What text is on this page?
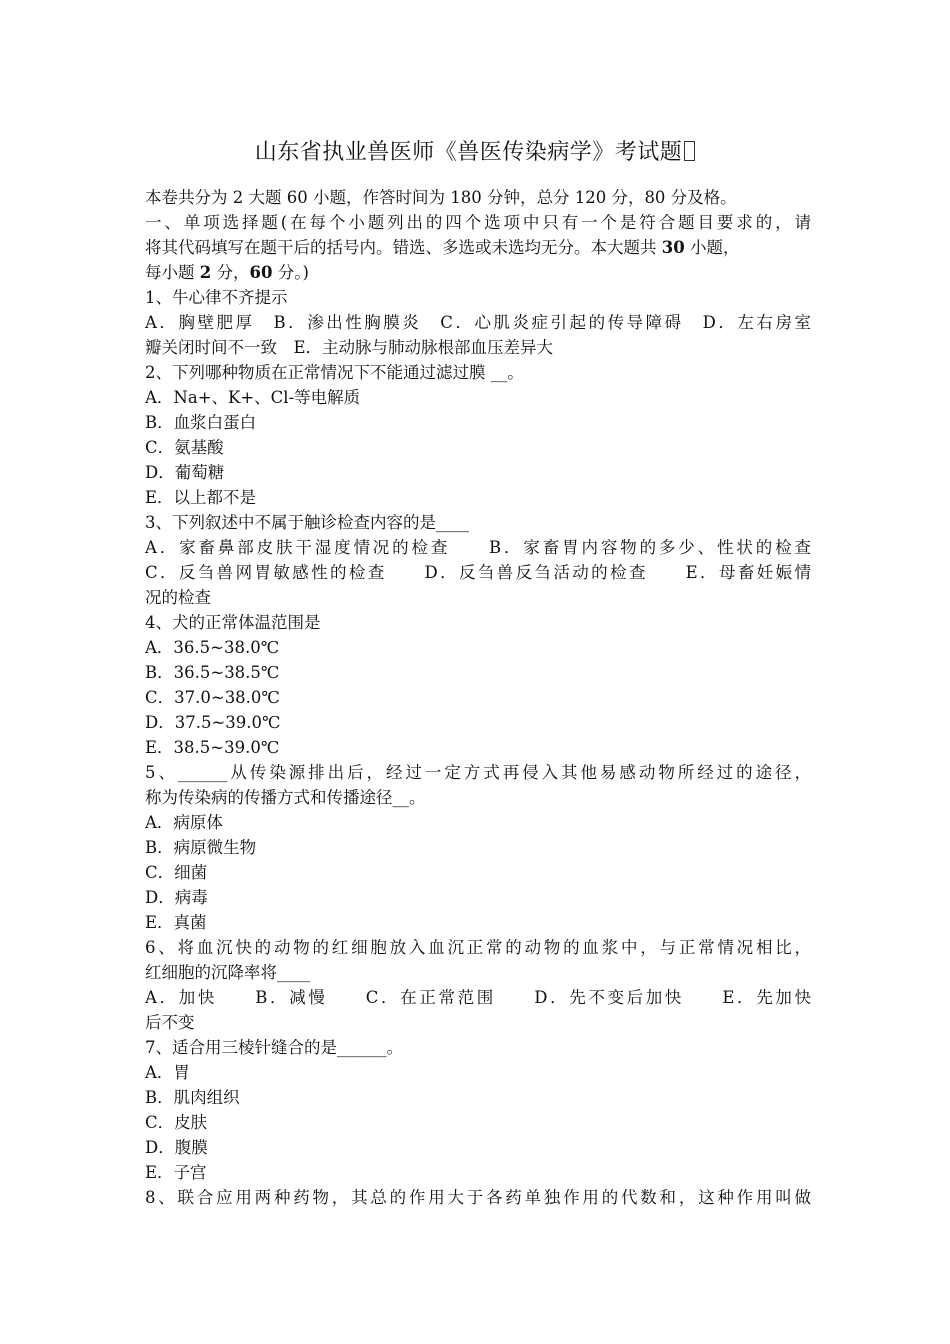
山东省执业兽医师《兽医传染病学》考试题
本卷共分为 2 大题 60 小题，作答时间为 180 分钟，总分 120 分，80 分及格。
一、单项选择题(在每个小题列出的四个选项中只有一个是符合题目要求的，请
将其代码填写在题干后的括号内。错选、多选或未选均无分。本大题共 30 小题，
每小题 2 分，60 分。)
1、牛心律不齐提示
A．胸壁肥厚　B．渗出性胸膜炎　C．心肌炎症引起的传导障碍　D．左右房室
瓣关闭时间不一致　E．主动脉与肺动脉根部血压差异大
2、下列哪种物质在正常情况下不能通过滤过膜 __。
A．Na+、K+、Cl-等电解质
B．血浆白蛋白
C．氨基酸
D．葡萄糖
E．以上都不是
3、下列叙述中不属于触诊检查内容的是____
A．家畜鼻部皮肤干湿度情况的检查　　B．家畜胃内容物的多少、性状的检查
C．反刍兽网胃敏感性的检查　　D．反刍兽反刍活动的检查　　E．母畜妊娠情
况的检查
4、犬的正常体温范围是
A．36.5~38.0℃
B．36.5~38.5℃
C．37.0~38.0℃
D．37.5~39.0℃
E．38.5~39.0℃
5、______从传染源排出后，经过一定方式再侵入其他易感动物所经过的途径，
称为传染病的传播方式和传播途径__。
A．病原体
B．病原微生物
C．细菌
D．病毒
E．真菌
6、将血沉快的动物的红细胞放入血沉正常的动物的血浆中，与正常情况相比，
红细胞的沉降率将____
A．加快　　B．减慢　　C．在正常范围　　D．先不变后加快　　E．先加快
后不变
7、适合用三棱针缝合的是______。
A．胃
B．肌肉组织
C．皮肤
D．腹膜
E．子宫
8、联合应用两种药物，其总的作用大于各药单独作用的代数和，这种作用叫做
